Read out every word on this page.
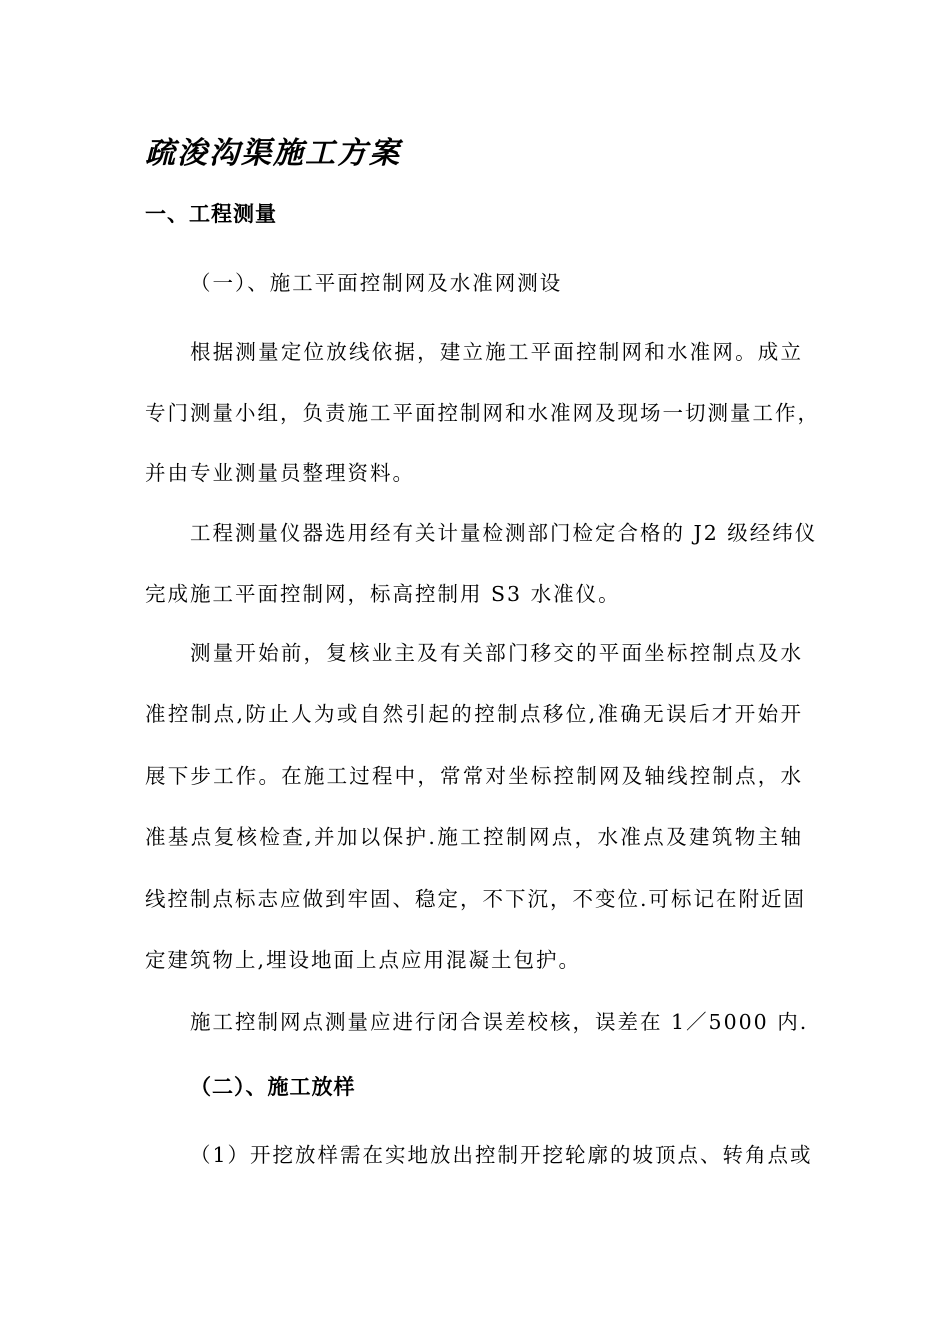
疏浚沟渠施工方案
一、工程测量
（一）、施工平面控制网及水准网测设
根据测量定位放线依据，建立施工平面控制网和水准网。成立
专门测量小组，负责施工平面控制网和水准网及现场一切测量工作，
并由专业测量员整理资料。
工程测量仪器选用经有关计量检测部门检定合格的 J2 级经纬仪
完成施工平面控制网，标高控制用 S3 水准仪。
测量开始前，复核业主及有关部门移交的平面坐标控制点及水
准控制点,防止人为或自然引起的控制点移位,准确无误后才开始开
展下步工作。在施工过程中，常常对坐标控制网及轴线控制点，水
准基点复核检查,并加以保护.施工控制网点，水准点及建筑物主轴
线控制点标志应做到牢固、稳定，不下沉，不变位.可标记在附近固
定建筑物上,埋设地面上点应用混凝土包护。
施工控制网点测量应进行闭合误差校核，误差在 1／5000 内.
（二）、施工放样
（1）开挖放样需在实地放出控制开挖轮廓的坡顶点、转角点或
